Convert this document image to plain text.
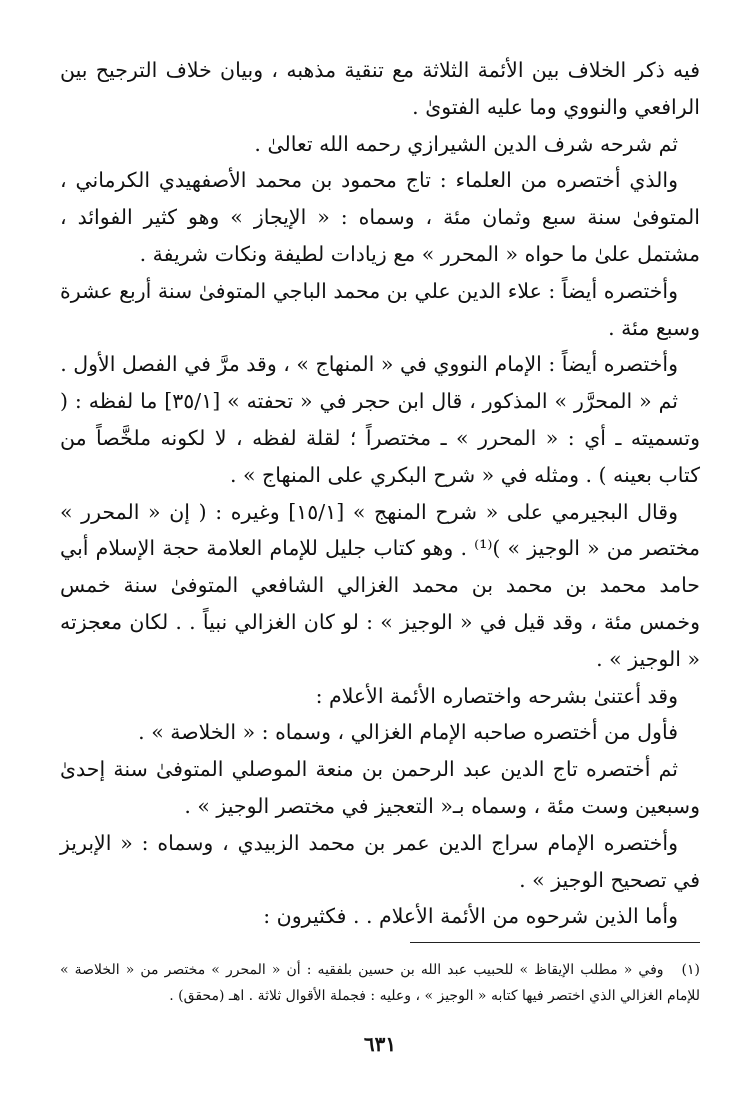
فيه ذكر الخلاف بين الأئمة الثلاثة مع تنقية مذهبه ، وبيان خلاف الترجيح بين الرافعي والنووي وما عليه الفتوىٰ .

ثم شرحه شرف الدين الشيرازي رحمه الله تعالىٰ .

والذي أختصره من العلماء : تاج محمود بن محمد الأصفهيدي الكرماني ، المتوفىٰ سنة سبع وثمان مئة ، وسماه : « الإيجاز » وهو كثير الفوائد ، مشتمل علىٰ ما حواه « المحرر » مع زيادات لطيفة ونكات شريفة .

وأختصره أيضاً : علاء الدين علي بن محمد الباجي المتوفىٰ سنة أربع عشرة وسبع مئة .

وأختصره أيضاً : الإمام النووي في « المنهاج » ، وقد مرَّ في الفصل الأول .

ثم « المحرَّر » المذكور ، قال ابن حجر في « تحفته » [٣٥/١] ما لفظه : ( وتسميته ـ أي : « المحرر » ـ مختصراً ؛ لقلة لفظه ، لا لكونه ملخَّصاً من كتاب بعينه ) . ومثله في « شرح البكري على المنهاج » .

وقال البجيرمي على « شرح المنهج » [١٥/١] وغيره : ( إن « المحرر » مختصر من « الوجيز » )⁽¹⁾ . وهو كتاب جليل للإمام العلامة حجة الإسلام أبي حامد محمد بن محمد بن محمد الغزالي الشافعي المتوفىٰ سنة خمس وخمس مئة ، وقد قيل في « الوجيز » : لو كان الغزالي نبياً . . لكان معجزته « الوجيز » .

وقد أعتنىٰ بشرحه واختصاره الأئمة الأعلام :

فأول من أختصره صاحبه الإمام الغزالي ، وسماه : « الخلاصة » .

ثم أختصره تاج الدين عبد الرحمن بن منعة الموصلي المتوفىٰ سنة إحدىٰ وسبعين وست مئة ، وسماه بـ« التعجيز في مختصر الوجيز » .

وأختصره الإمام سراج الدين عمر بن محمد الزبيدي ، وسماه : « الإبريز في تصحيح الوجيز » .

وأما الذين شرحوه من الأئمة الأعلام . . فكثيرون :

(١)وفي « مطلب الإيقاظ » للحبيب عبد الله بن حسين بلفقيه : أن « المحرر » مختصر من « الخلاصة » للإمام الغزالي الذي اختصر فيها كتابه « الوجيز » ، وعليه : فجملة الأقوال ثلاثة . اهـ (محقق) .
٦٣١
